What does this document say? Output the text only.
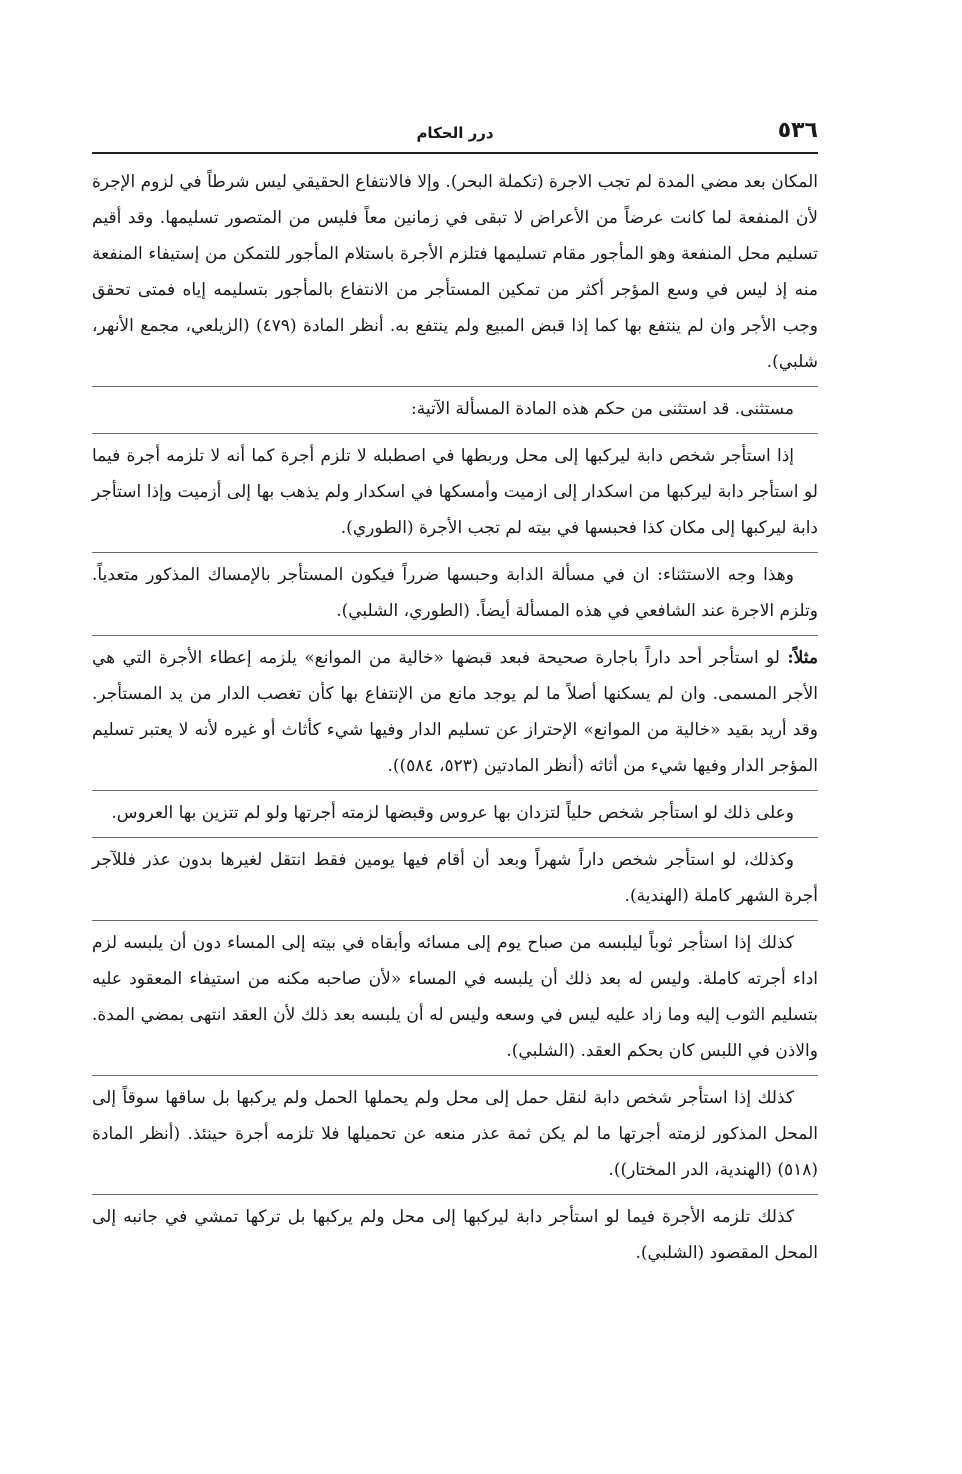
٥٣٦
درر الحكام

المكان بعد مضي المدة لم تجب الاجرة (تكملة البحر). وإلا فالانتفاع الحقيقي ليس شرطاً في لزوم الإجرة لأن المنفعة لما كانت عرضاً من الأعراض لا تبقى في زمانين معاً فليس من المتصور تسليمها. وقد أقيم تسليم محل المنفعة وهو المأجور مقام تسليمها فتلزم الأجرة باستلام المأجور للتمكن من إستيفاء المنفعة منه إذ ليس في وسع المؤجر أكثر من تمكين المستأجر من الانتفاع بالمأجور بتسليمه إياه فمتى تحقق وجب الأجر وان لم ينتفع بها كما إذا قبض المبيع ولم ينتفع به. أنظر المادة (٤٧٩) (الزيلعي، مجمع الأنهر، شلبي).

مستثنى. قد استثنى من حكم هذه المادة المسألة الآتية:

إذا استأجر شخص دابة ليركبها إلى محل وربطها في اصطبله لا تلزم أجرة كما أنه لا تلزمه أجرة فيما لو استأجر دابة ليركبها من اسكدار إلى ازميت وأمسكها في اسكدار ولم يذهب بها إلى أزميت وإذا استأجر دابة ليركبها إلى مكان كذا فحبسها في بيته لم تجب الأجرة (الطوري).

وهذا وجه الاستثناء: ان في مسألة الدابة وحبسها ضرراً فيكون المستأجر بالإمساك المذكور متعدياً. وتلزم الاجرة عند الشافعي في هذه المسألة أيضاً. (الطوري، الشلبي).

مثلاً: لو استأجر أحد داراً باجارة صحيحة فبعد قبضها «خالية من الموانع» يلزمه إعطاء الأجرة التي هي الأجر المسمى. وان لم يسكنها أصلاً ما لم يوجد مانع من الإنتفاع بها كأن تغصب الدار من يد المستأجر. وقد أريد بقيد «خالية من الموانع» الإحتراز عن تسليم الدار وفيها شيء كأثاث أو غيره لأنه لا يعتبر تسليم المؤجر الدار وفيها شيء من أثاثه (أنظر المادتين (٥٢٣، ٥٨٤)).

وعلى ذلك لو استأجر شخص حلياً لتزدان بها عروس وقبضها لزمته أجرتها ولو لم تتزين بها العروس.

وكذلك، لو استأجر شخص داراً شهراً وبعد أن أقام فيها يومين فقط انتقل لغيرها بدون عذر فللآجر أجرة الشهر كاملة (الهندية).

كذلك إذا استأجر ثوباً ليلبسه من صباح يوم إلى مسائه وأبقاه في بيته إلى المساء دون أن يلبسه لزم اداء أجرته كاملة. وليس له بعد ذلك أن يلبسه في المساء «لأن صاحبه مكنه من استيفاء المعقود عليه بتسليم الثوب إليه وما زاد عليه ليس في وسعه وليس له أن يلبسه بعد ذلك لأن العقد انتهى بمضي المدة. والاذن في اللبس كان بحكم العقد. (الشلبي).

كذلك إذا استأجر شخص دابة لنقل حمل إلى محل ولم يحملها الحمل ولم يركبها بل ساقها سوقاً إلى المحل المذكور لزمته أجرتها ما لم يكن ثمة عذر منعه عن تحميلها فلا تلزمه أجرة حينئذ. (أنظر المادة (٥١٨) (الهندية، الدر المختار)).

كذلك تلزمه الأجرة فيما لو استأجر دابة ليركبها إلى محل ولم يركبها بل تركها تمشي في جانبه إلى المحل المقصود (الشلبي).
